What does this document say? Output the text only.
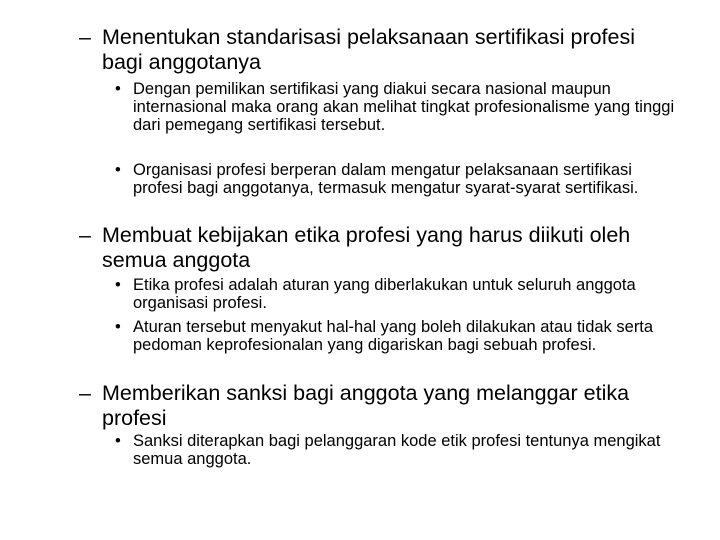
– Menentukan standarisasi pelaksanaan sertifikasi profesi bagi anggotanya
• Dengan pemilikan sertifikasi yang diakui secara nasional maupun internasional maka orang akan melihat tingkat profesionalisme yang tinggi dari pemegang sertifikasi tersebut.
• Organisasi profesi berperan dalam mengatur pelaksanaan sertifikasi profesi bagi anggotanya, termasuk mengatur syarat-syarat sertifikasi.
– Membuat kebijakan etika profesi yang harus diikuti oleh semua anggota
• Etika profesi adalah aturan yang diberlakukan untuk seluruh anggota organisasi profesi.
• Aturan tersebut menyakut hal-hal yang boleh dilakukan atau tidak serta pedoman keprofesionalan yang digariskan bagi sebuah profesi.
– Memberikan sanksi bagi anggota yang melanggar etika profesi
• Sanksi diterapkan bagi pelanggaran kode etik profesi tentunya mengikat semua anggota.
